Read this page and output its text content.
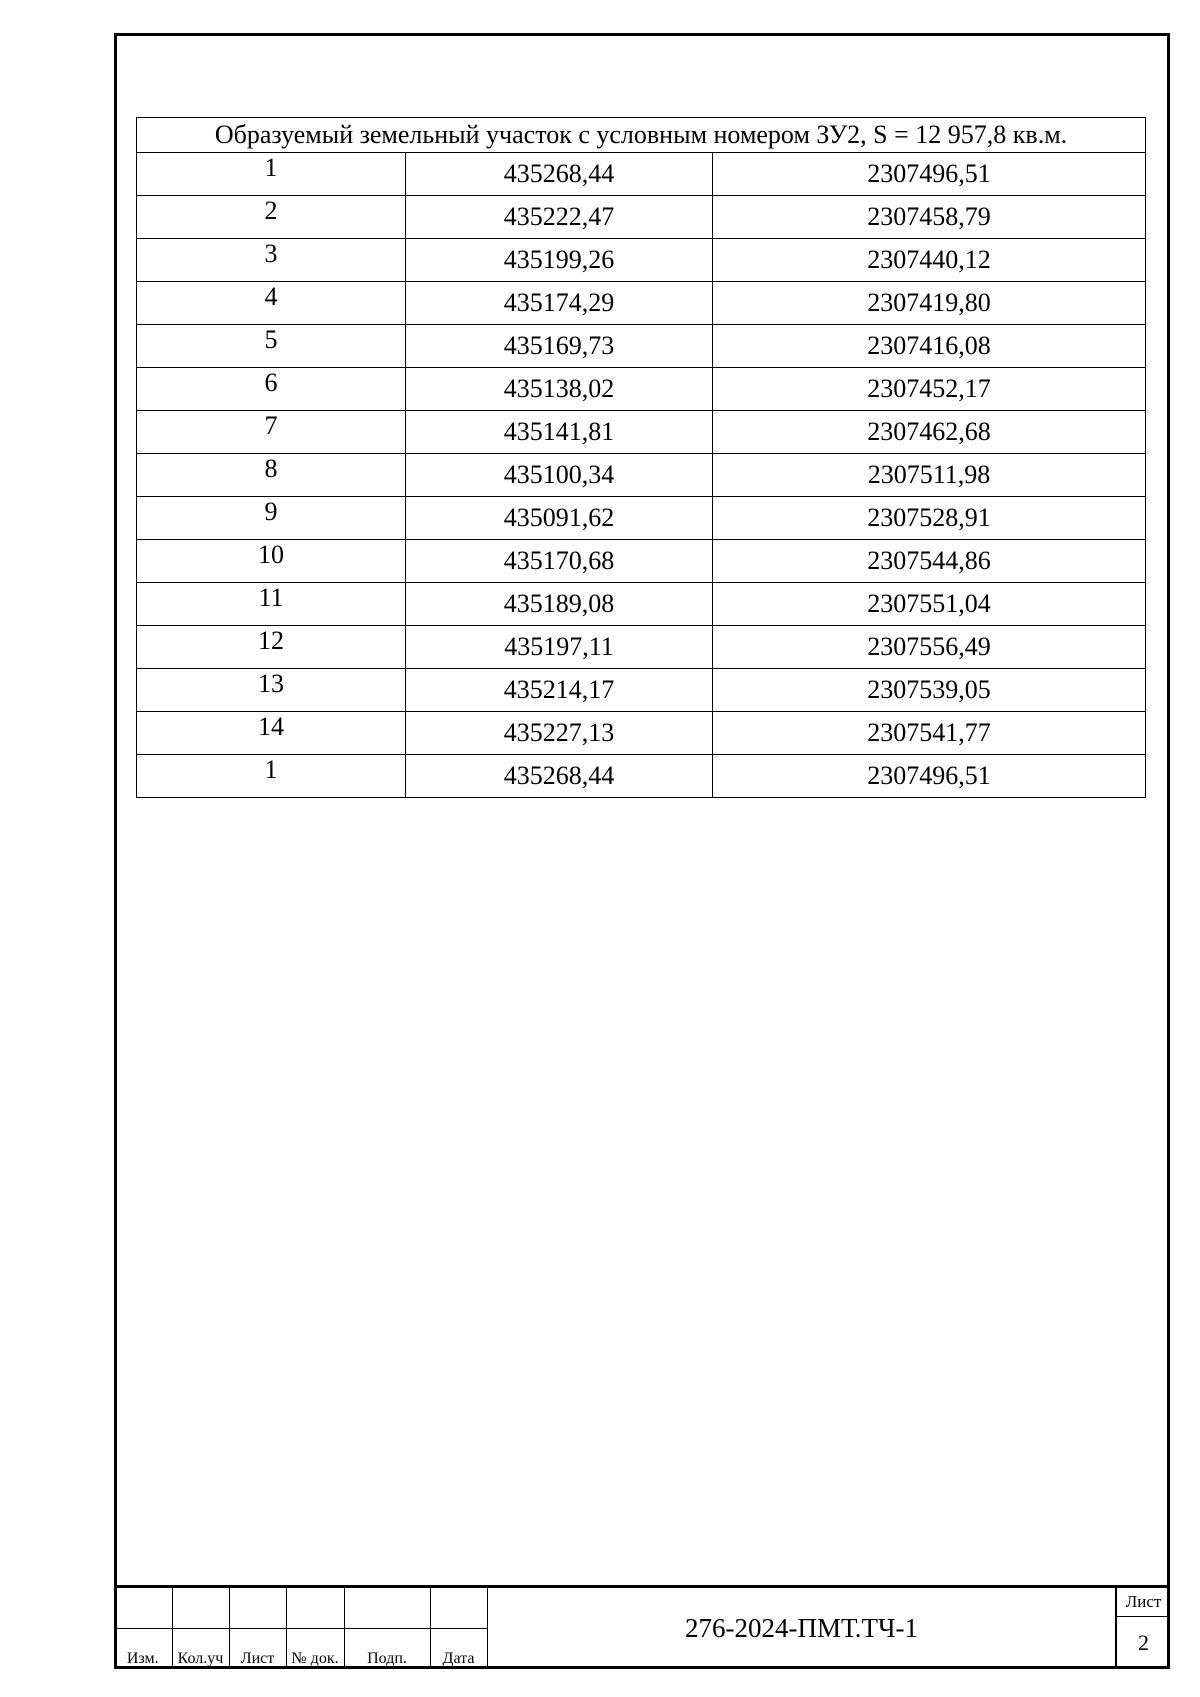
Образуемый земельный участок с условным номером ЗУ2, S = 12 957,8 кв.м.		
1	435268,44	2307496,51
2	435222,47	2307458,79
3	435199,26	2307440,12
4	435174,29	2307419,80
5	435169,73	2307416,08
6	435138,02	2307452,17
7	435141,81	2307462,68
8	435100,34	2307511,98
9	435091,62	2307528,91
10	435170,68	2307544,86
11	435189,08	2307551,04
12	435197,11	2307556,49
13	435214,17	2307539,05
14	435227,13	2307541,77
1	435268,44	2307496,51

Изм.	Кол.уч	Лист	№ док.	Подп.	Дата
276-2024-ПМТ.ТЧ-1
Лист
2
